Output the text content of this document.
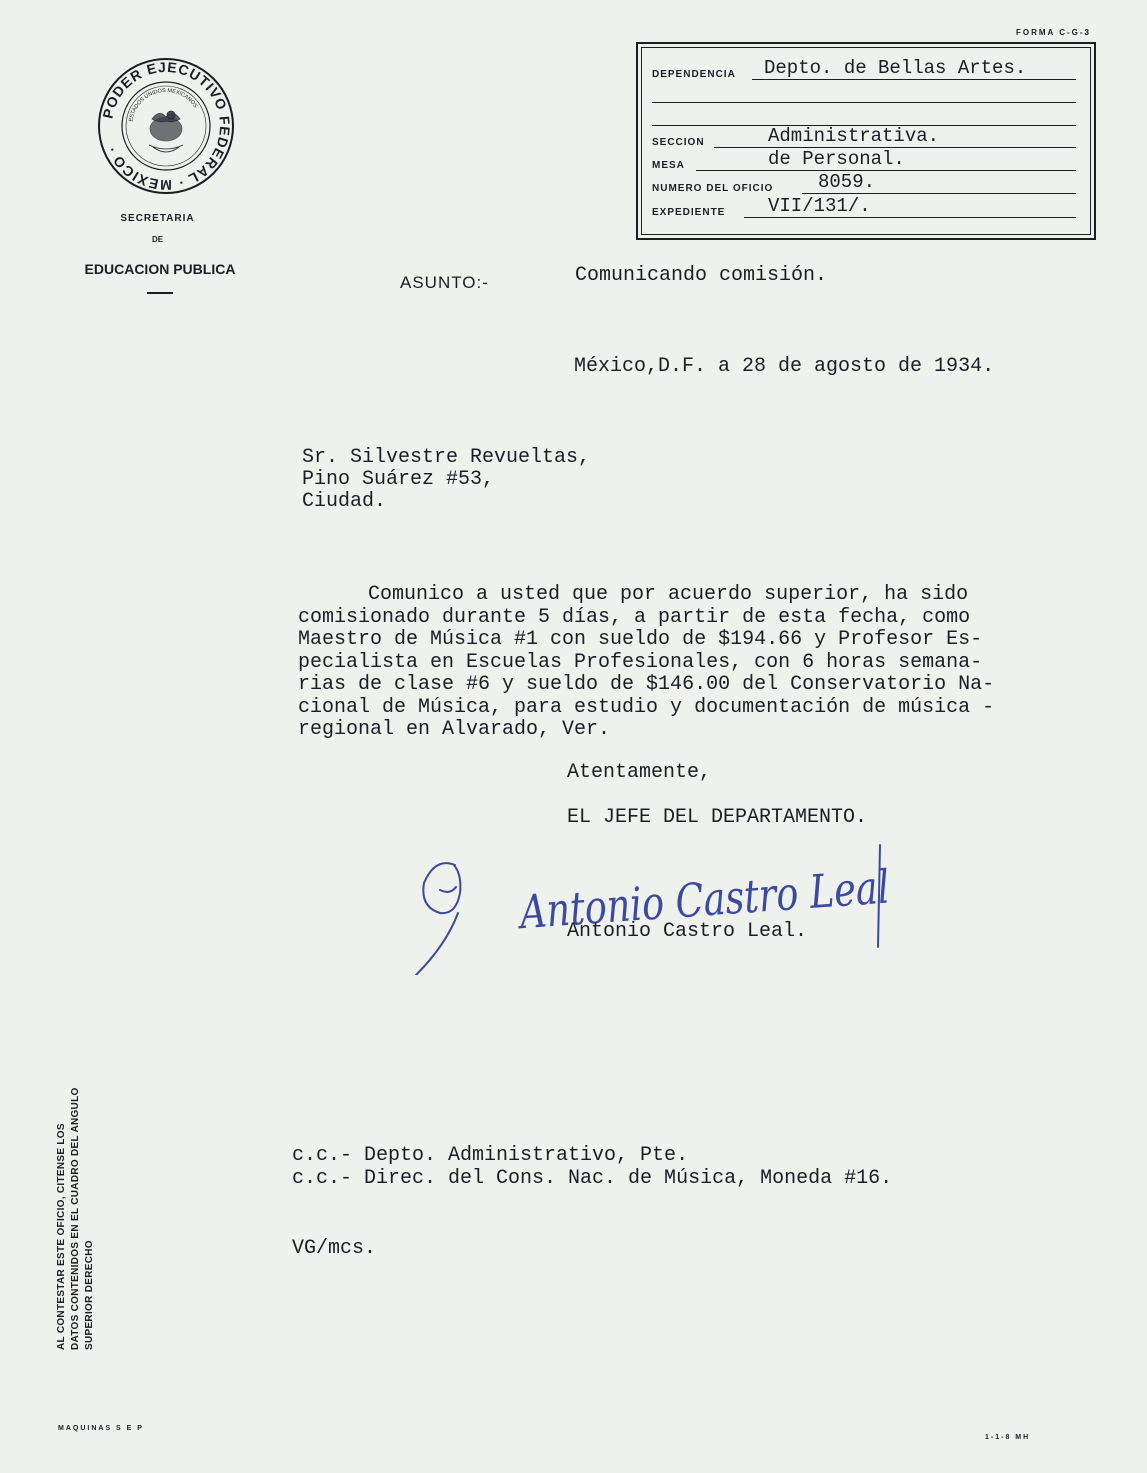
FORMA C-G-3
PODER EJECUTIVO FEDERAL · MEXICO ·
ESTADOS UNIDOS MEXICANOS
SECRETARIA
DE
EDUCACION PUBLICA
DEPENDENCIA Depto. de Bellas Artes.
SECCION	Administrativa.
MESA	de Personal.
NUMERO DEL OFICIO 8059.
EXPEDIENTE VII/131/.
ASUNTO:-	Comunicando comisión.
México,D.F. a 28 de agosto de 1934.
Sr. Silvestre Revueltas,
Pino Suárez #53,
Ciudad.
Comunico a usted que por acuerdo superior, ha sido
comisionado durante 5 días, a partir de esta fecha, como
Maestro de Música #1 con sueldo de $194.66 y Profesor Es-
pecialista en Escuelas Profesionales, con 6 horas semana-
rias de clase #6 y sueldo de $146.00 del Conservatorio Na-
cional de Música, para estudio y documentación de música -
regional en Alvarado, Ver.
Atentamente,
EL JEFE DEL DEPARTAMENTO.
Antonio Castro Leal
Antonio Castro Leal.
c.c.- Depto. Administrativo, Pte.
c.c.- Direc. del Cons. Nac. de Música, Moneda #16.
VG/mcs.
AL CONTESTAR ESTE OFICIO, CITENSE LOS DATOS CONTENIDOS EN EL CUADRO DEL ANGULO SUPERIOR DERECHO
MAQUINAS S E P
1-1-8 MH
